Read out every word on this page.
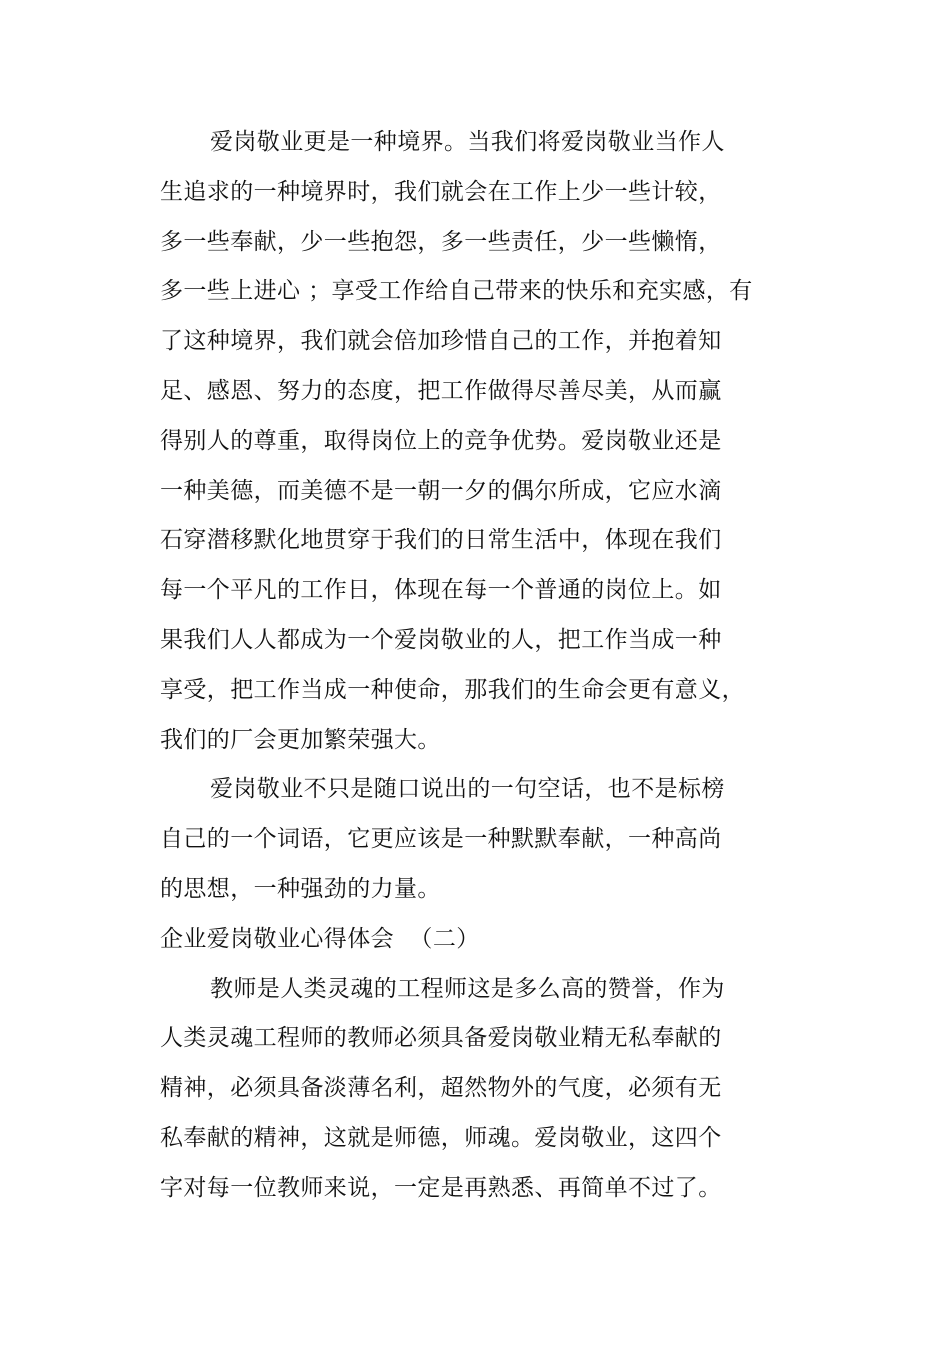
爱岗敬业更是一种境界。当我们将爱岗敬业当作人
生追求的一种境界时，我们就会在工作上少一些计较，
多一些奉献，少一些抱怨，多一些责任，少一些懒惰，
多一些上进心 ；享受工作给自己带来的快乐和充实感，有
了这种境界，我们就会倍加珍惜自己的工作，并抱着知
足、感恩、努力的态度，把工作做得尽善尽美，从而赢
得别人的尊重，取得岗位上的竞争优势。爱岗敬业还是
一种美德，而美德不是一朝一夕的偶尔所成，它应水滴
石穿潜移默化地贯穿于我们的日常生活中，体现在我们
每一个平凡的工作日，体现在每一个普通的岗位上。如
果我们人人都成为一个爱岗敬业的人，把工作当成一种
享受，把工作当成一种使命，那我们的生命会更有意义，
我们的厂会更加繁荣强大。
爱岗敬业不只是随口说出的一句空话，也不是标榜
自己的一个词语，它更应该是一种默默奉献，一种高尚
的思想，一种强劲的力量。
企业爱岗敬业心得体会  （二）
教师是人类灵魂的工程师这是多么高的赞誉，作为
人类灵魂工程师的教师必须具备爱岗敬业精无私奉献的
精神，必须具备淡薄名利，超然物外的气度，必须有无
私奉献的精神，这就是师德，师魂。爱岗敬业，这四个
字对每一位教师来说，一定是再熟悉、再简单不过了。
